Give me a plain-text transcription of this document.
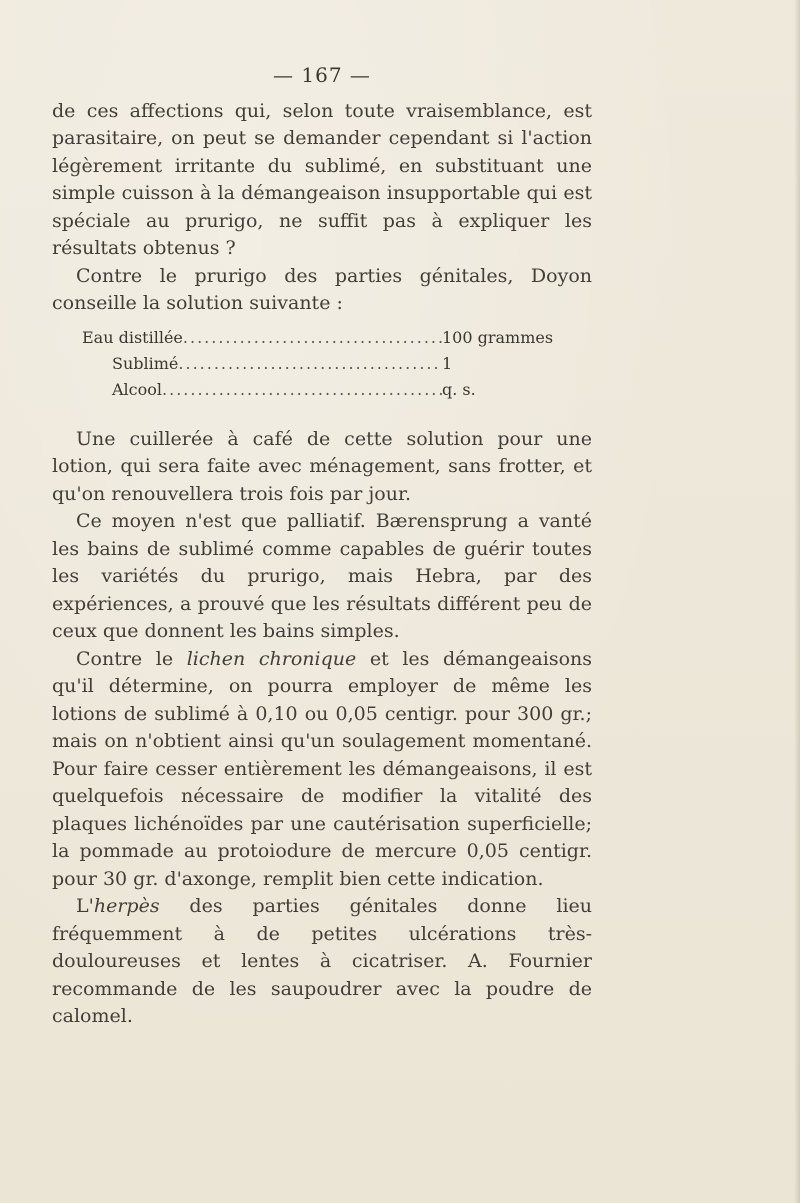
— 167 —

de ces affections qui, selon toute vraisemblance, est parasitaire, on peut se demander cependant si l'action légèrement irritante du sublimé, en substituant une simple cuisson à la démangeaison insupportable qui est spéciale au prurigo, ne suffit pas à expliquer les résultats obtenus ?

Contre le prurigo des parties génitales, Doyon conseille la solution suivante :

Eau distillée .....	100 grammes
Sublimé .....	1
Alcool .....	q. s.

Une cuillerée à café de cette solution pour une lotion, qui sera faite avec ménagement, sans frotter, et qu'on renouvellera trois fois par jour.

Ce moyen n'est que palliatif. Bærensprung a vanté les bains de sublimé comme capables de guérir toutes les variétés du prurigo, mais Hebra, par des expériences, a prouvé que les résultats différent peu de ceux que donnent les bains simples.

Contre le lichen chronique et les démangeaisons qu'il détermine, on pourra employer de même les lotions de sublimé à 0,10 ou 0,05 centigr. pour 300 gr.; mais on n'obtient ainsi qu'un soulagement momentané. Pour faire cesser entièrement les démangeaisons, il est quelquefois nécessaire de modifier la vitalité des plaques lichénoïdes par une cautérisation superficielle; la pommade au protoiodure de mercure 0,05 centigr. pour 30 gr. d'axonge, remplit bien cette indication.

L'herpès des parties génitales donne lieu fréquemment à de petites ulcérations très-douloureuses et lentes à cicatriser. A. Fournier recommande de les saupoudrer avec la poudre de calomel.
